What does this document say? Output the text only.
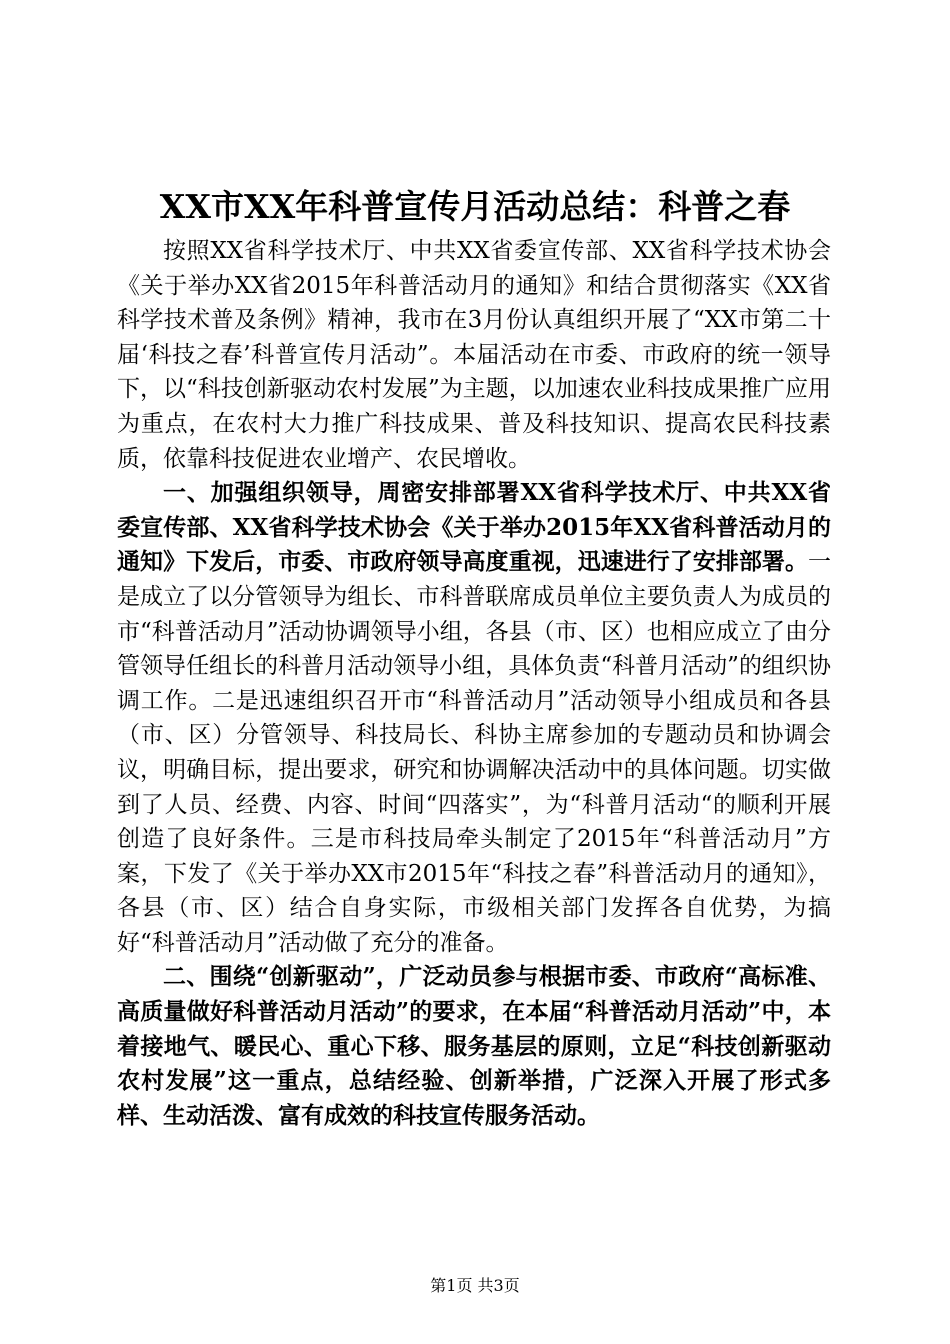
XX市XX年科普宣传月活动总结：科普之春

按照XX省科学技术厅、中共XX省委宣传部、XX省科学技术协会《关于举办XX省2015年科普活动月的通知》和结合贯彻落实《XX省科学技术普及条例》精神，我市在3月份认真组织开展了“XX市第二十届‘科技之春’科普宣传月活动”。本届活动在市委、市政府的统一领导下，以“科技创新驱动农村发展”为主题，以加速农业科技成果推广应用为重点，在农村大力推广科技成果、普及科技知识、提高农民科技素质，依靠科技促进农业增产、农民增收。

一、加强组织领导，周密安排部署XX省科学技术厅、中共XX省委宣传部、XX省科学技术协会《关于举办2015年XX省科普活动月的通知》下发后，市委、市政府领导高度重视，迅速进行了安排部署。一是成立了以分管领导为组长、市科普联席成员单位主要负责人为成员的市“科普活动月”活动协调领导小组，各县（市、区）也相应成立了由分管领导任组长的科普月活动领导小组，具体负责“科普月活动”的组织协调工作。二是迅速组织召开市“科普活动月”活动领导小组成员和各县（市、区）分管领导、科技局长、科协主席参加的专题动员和协调会议，明确目标，提出要求，研究和协调解决活动中的具体问题。切实做到了人员、经费、内容、时间“四落实”，为“科普月活动“的顺利开展创造了良好条件。三是市科技局牵头制定了2015年“科普活动月”方案，下发了《关于举办XX市2015年“科技之春”科普活动月的通知》，各县（市、区）结合自身实际，市级相关部门发挥各自优势，为搞好“科普活动月”活动做了充分的准备。

二、围绕“创新驱动”，广泛动员参与根据市委、市政府“高标准、高质量做好科普活动月活动”的要求，在本届“科普活动月活动”中，本着接地气、暖民心、重心下移、服务基层的原则，立足“科技创新驱动农村发展”这一重点，总结经验、创新举措，广泛深入开展了形式多样、生动活泼、富有成效的科技宣传服务活动。

第1页 共3页
